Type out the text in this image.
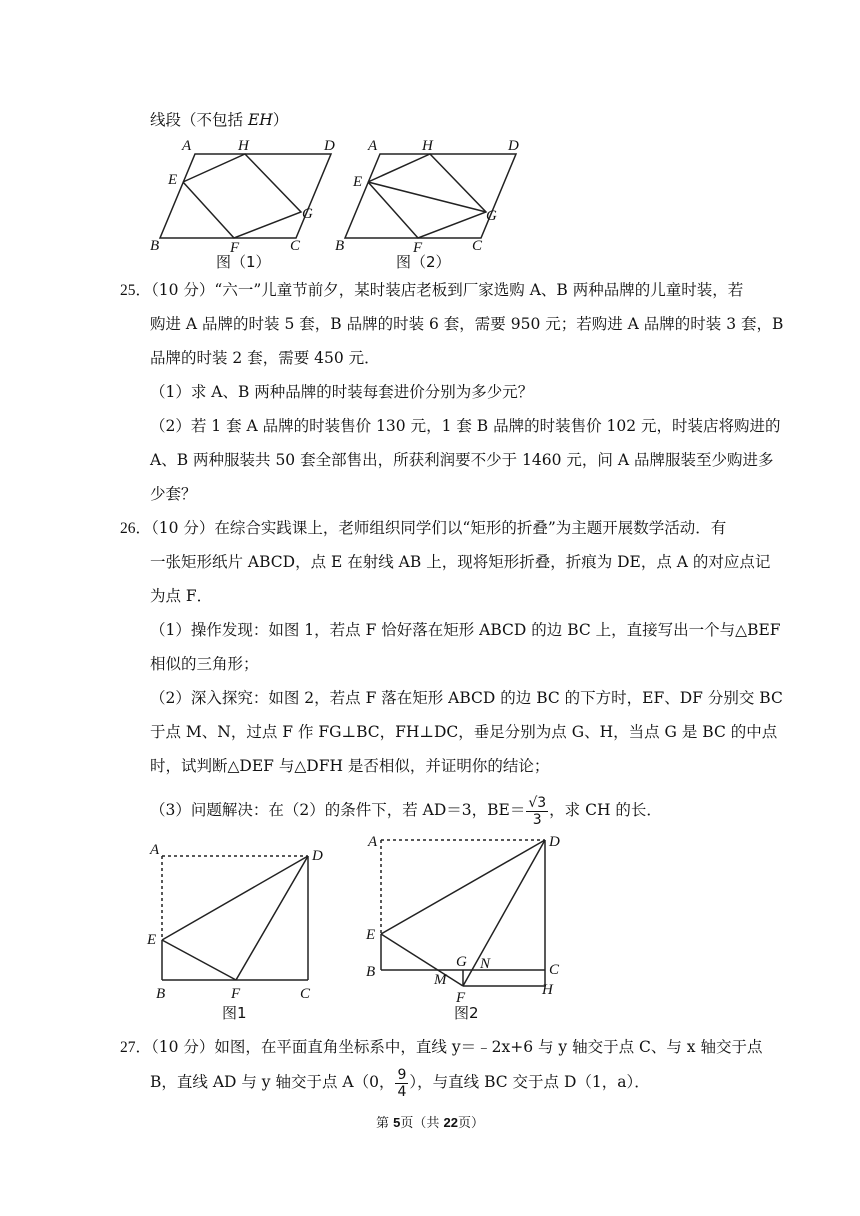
线段（不包括 EH）
A	H	D
E
G
B	F	C
图（1）
A	H	D
E
G
B	F	C
图（2）
25．（10 分）“六一”儿童节前夕，某时装店老板到厂家选购 A、B 两种品牌的儿童时装，若
购进 A 品牌的时装 5 套，B 品牌的时装 6 套，需要 950 元；若购进 A 品牌的时装 3 套，B
品牌的时装 2 套，需要 450 元．
（1）求 A、B 两种品牌的时装每套进价分别为多少元？
（2）若 1 套 A 品牌的时装售价 130 元，1 套 B 品牌的时装售价 102 元，时装店将购进的
A、B 两种服装共 50 套全部售出，所获利润要不少于 1460 元，问 A 品牌服装至少购进多
少套？
26．（10 分）在综合实践课上，老师组织同学们以“矩形的折叠”为主题开展数学活动．有
一张矩形纸片 ABCD，点 E 在射线 AB 上，现将矩形折叠，折痕为 DE，点 A 的对应点记
为点 F．
（1）操作发现：如图 1，若点 F 恰好落在矩形 ABCD 的边 BC 上，直接写出一个与△BEF
相似的三角形；
（2）深入探究：如图 2，若点 F 落在矩形 ABCD 的边 BC 的下方时，EF、DF 分别交 BC
于点 M、N，过点 F 作 FG⊥BC，FH⊥DC，垂足分别为点 G、H，当点 G 是 BC 的中点
时，试判断△DEF 与△DFH 是否相似，并证明你的结论；
（3）问题解决：在（2）的条件下，若 AD＝3，$BE= \frac{√3}{3}$ ，求 CH 的长．
A	D
E
B	F	C
图1
A	D
E
B
G N	C
M
F	H
图2
27．（10 分）如图，在平面直角坐标系中，直线 y＝﹣2x+6 与 y 轴交于点 C、与 x 轴交于点
B，直线 AD 与 y 轴交于点 A（0， $\frac{9}{4}$ ），与直线 BC 交于点 D（1，a）．
第 5页（共 22页）
